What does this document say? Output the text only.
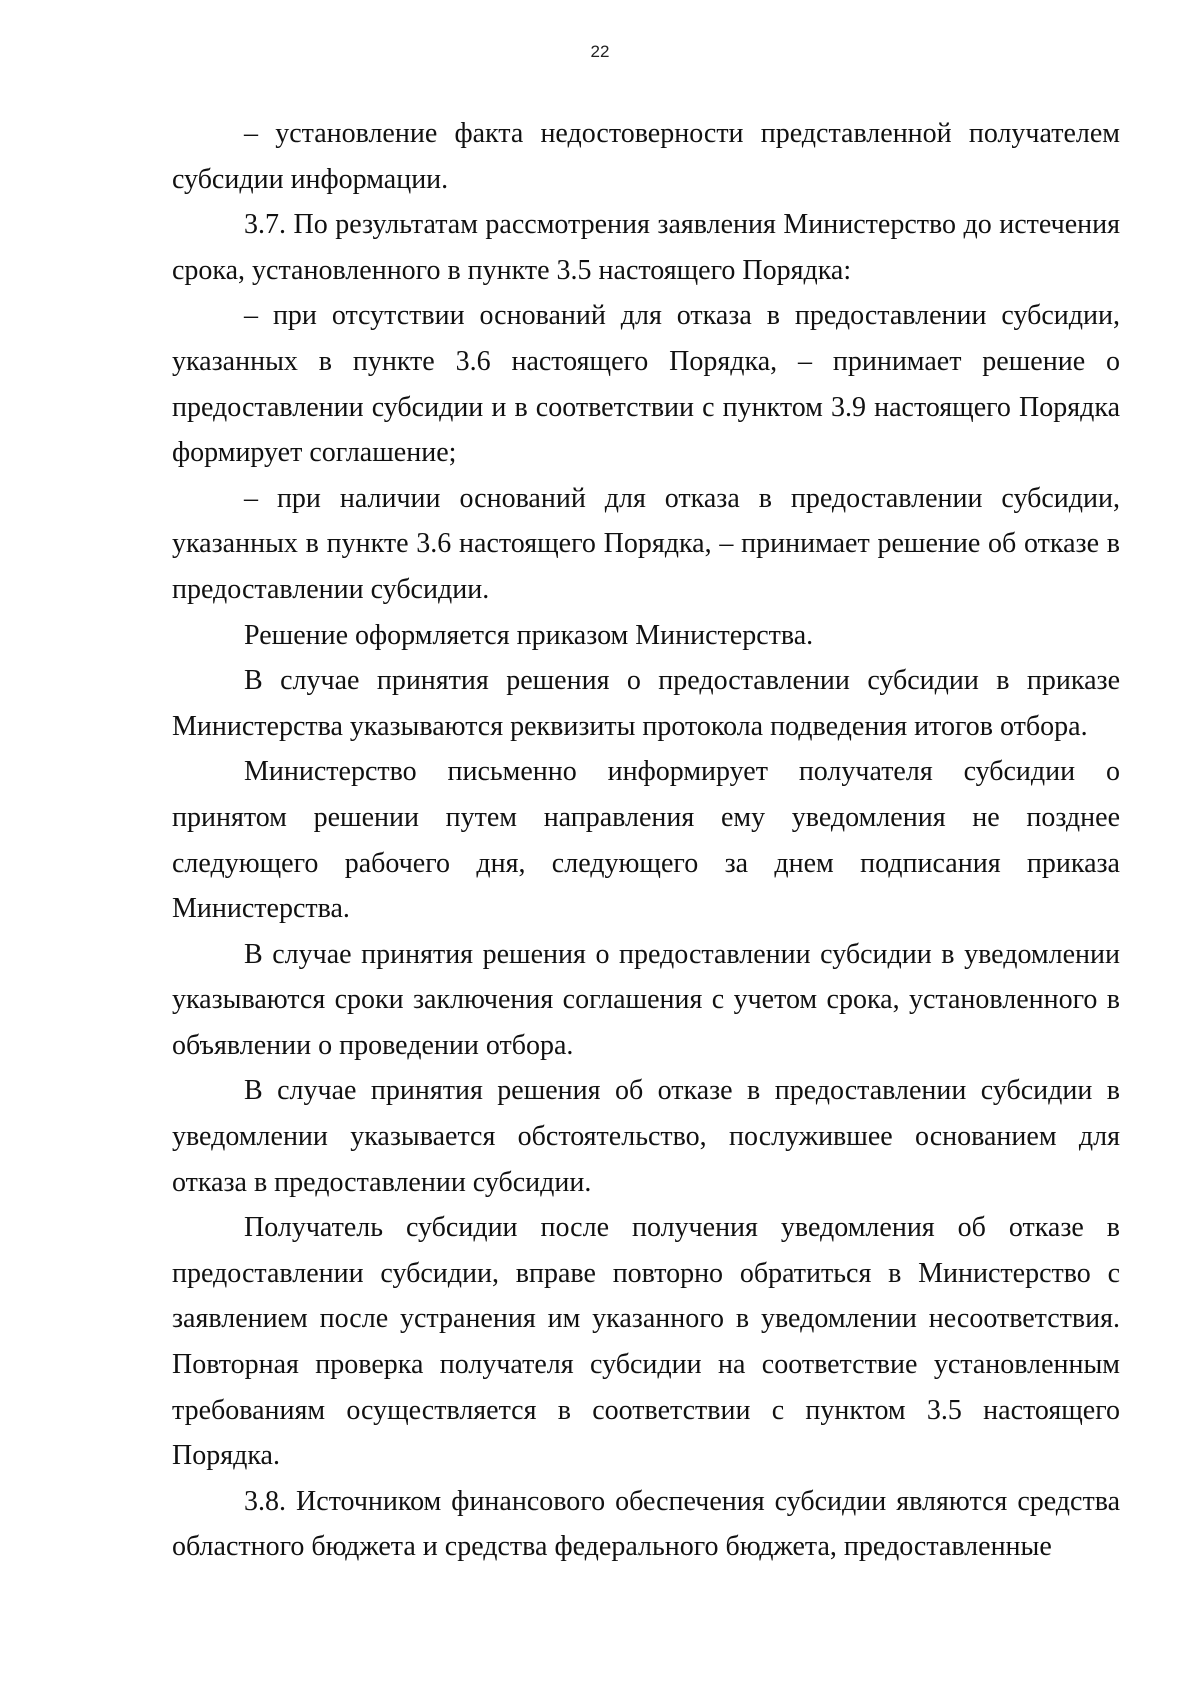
22

– установление факта недостоверности представленной получателем субсидии информации.

3.7. По результатам рассмотрения заявления Министерство до истечения срока, установленного в пункте 3.5 настоящего Порядка:

– при отсутствии оснований для отказа в предоставлении субсидии, указанных в пункте 3.6 настоящего Порядка, – принимает решение о предоставлении субсидии и в соответствии с пунктом 3.9 настоящего Порядка формирует соглашение;

– при наличии оснований для отказа в предоставлении субсидии, указанных в пункте 3.6 настоящего Порядка, – принимает решение об отказе в предоставлении субсидии.

Решение оформляется приказом Министерства.

В случае принятия решения о предоставлении субсидии в приказе Министерства указываются реквизиты протокола подведения итогов отбора.

Министерство письменно информирует получателя субсидии о принятом решении путем направления ему уведомления не позднее следующего рабочего дня, следующего за днем подписания приказа Министерства.

В случае принятия решения о предоставлении субсидии в уведомлении указываются сроки заключения соглашения с учетом срока, установленного в объявлении о проведении отбора.

В случае принятия решения об отказе в предоставлении субсидии в уведомлении указывается обстоятельство, послужившее основанием для отказа в предоставлении субсидии.

Получатель субсидии после получения уведомления об отказе в предоставлении субсидии, вправе повторно обратиться в Министерство с заявлением после устранения им указанного в уведомлении несоответствия. Повторная проверка получателя субсидии на соответствие установленным требованиям осуществляется в соответствии с пунктом 3.5 настоящего Порядка.

3.8. Источником финансового обеспечения субсидии являются средства областного бюджета и средства федерального бюджета, предоставленные
